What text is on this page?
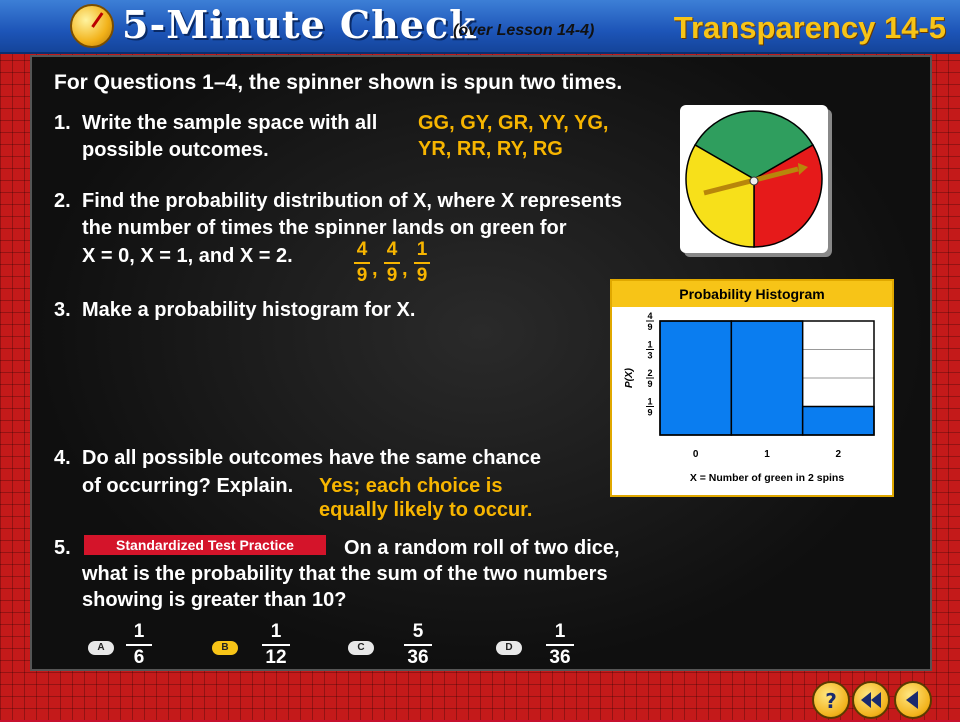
5-Minute Check
(over Lesson 14-4)	Transparency 14-5
For Questions 1–4, the spinner shown is spun two times.
1. Write the sample space with all
possible outcomes.
GG, GY, GR, YY, YG,
YR, RR, RY, RG
2. Find the probability distribution of X, where X represents
the number of times the spinner lands on green for
X = 0, X = 1, and X = 2.	4
9 ,
4
9 ,
1
9
3. Make a probability histogram for X.
Probability Histogram
4
9
1
3
2
9
1
9
P(X)
0	1	2
X = Number of green in 2 spins
4. Do all possible outcomes have the same chance
of occurring? Explain. Yes; each choice is
equally likely to occur.
5.	Standardized Test Practice	On a random roll of two dice,
what is the probability that the sum of the two numbers
showing is greater than 10?
A
1
6	B
1
12	C
5
36	D
1
36
?
